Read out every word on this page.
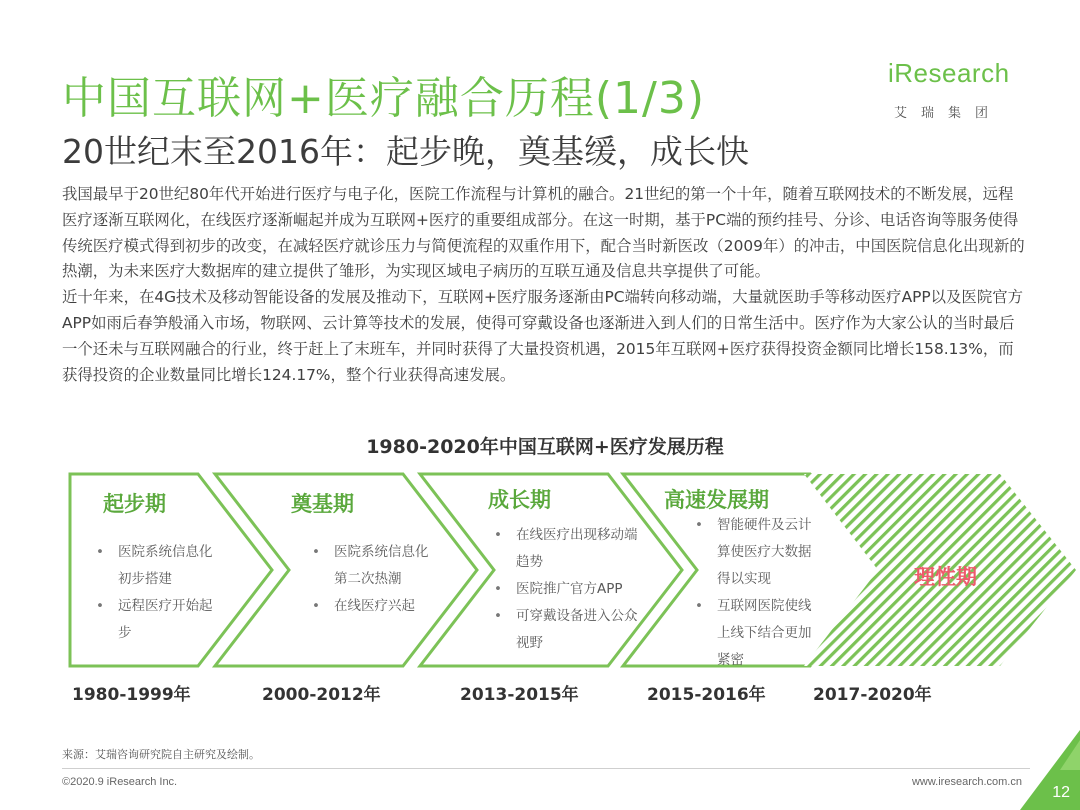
中国互联网+医疗融合历程(1/3)
20世纪末至2016年：起步晚，奠基缓，成长快
iResearch
艾瑞集团

我国最早于20世纪80年代开始进行医疗与电子化，医院工作流程与计算机的融合。21世纪的第一个十年，随着互联网技术的不断发展，远程医疗逐渐互联网化，在线医疗逐渐崛起并成为互联网+医疗的重要组成部分。在这一时期，基于PC端的预约挂号、分诊、电话咨询等服务使得传统医疗模式得到初步的改变，在减轻医疗就诊压力与简便流程的双重作用下，配合当时新医改（2009年）的冲击，中国医院信息化出现新的热潮，为未来医疗大数据库的建立提供了雏形，为实现区域电子病历的互联互通及信息共享提供了可能。

近十年来，在4G技术及移动智能设备的发展及推动下，互联网+医疗服务逐渐由PC端转向移动端，大量就医助手等移动医疗APP以及医院官方APP如雨后春笋般涌入市场，物联网、云计算等技术的发展，使得可穿戴设备也逐渐进入到人们的日常生活中。医疗作为大家公认的当时最后一个还未与互联网融合的行业，终于赶上了末班车，并同时获得了大量投资机遇，2015年互联网+医疗获得投资金额同比增长158.13%，而获得投资的企业数量同比增长124.17%，整个行业获得高速发展。

1980-2020年中国互联网+医疗发展历程
起步期	奠基期	成长期	高速发展期
理性期
• 医院系统信息化初步搭建
• 远程医疗开始起步
• 医院系统信息化第二次热潮
• 在线医疗兴起
• 在线医疗出现移动端趋势
• 医院推广官方APP
• 可穿戴设备进入公众视野
• 智能硬件及云计算使医疗大数据得以实现
• 互联网医院使线上线下结合更加紧密
1980-1999年	2000-2012年	2013-2015年	2015-2016年	2017-2020年
来源：艾瑞咨询研究院自主研究及绘制。
©2020.9 iResearch Inc.	www.iresearch.com.cn
12
